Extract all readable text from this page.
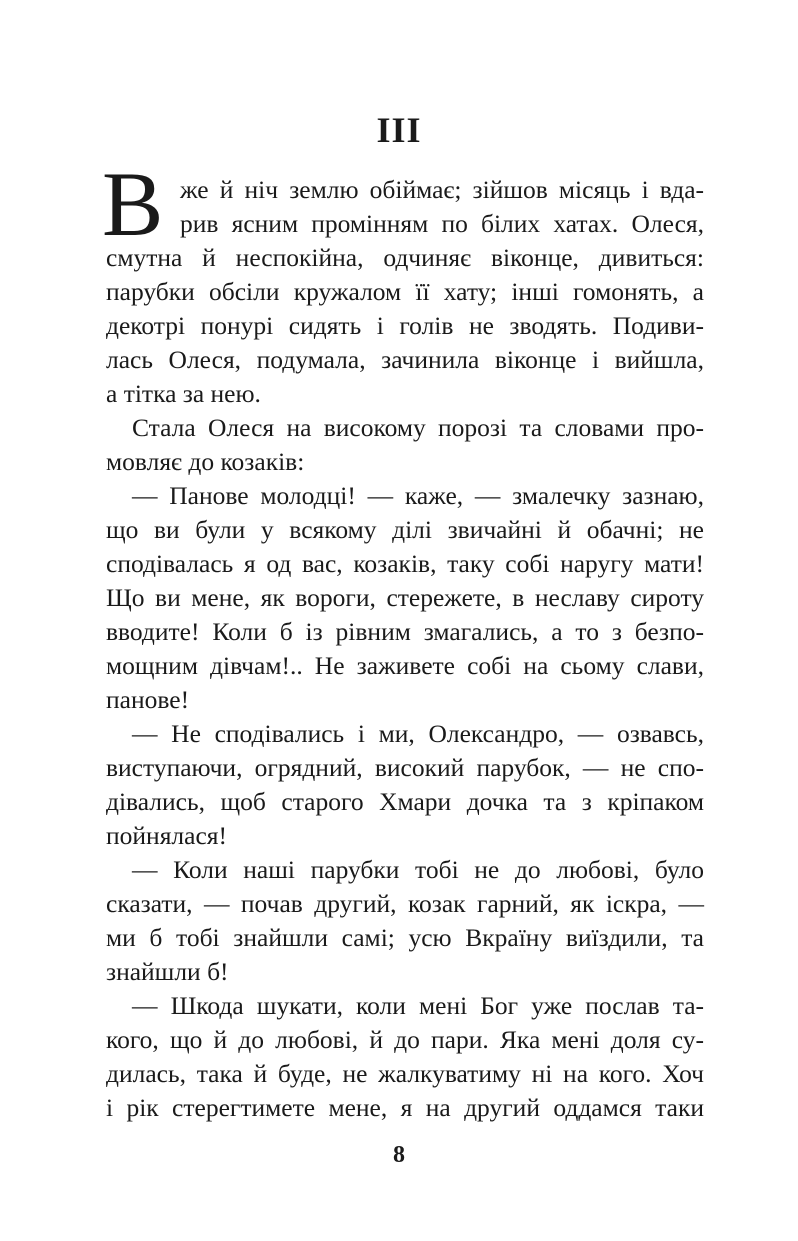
III
В же й ніч землю обіймає; зійшов місяць і вда-
рив ясним промінням по білих хатах. Олеся,
смутна й неспокійна, одчиняє віконце, дивиться:
парубки обсіли кружалом її хату; інші гомонять, а
декотрі понурі сидять і голів не зводять. Подиви-
лась Олеся, подумала, зачинила віконце і вийшла,
а тітка за нею.
Стала Олеся на високому порозі та словами про-
мовляє до козаків:
— Панове молодці! — каже, — змалечку зазнаю,
що ви були у всякому ділі звичайні й обачні; не
сподівалась я од вас, козаків, таку собі наругу мати!
Що ви мене, як вороги, стережете, в неславу сироту
вводите! Коли б із рівним змагались, а то з безпо-
мощним дівчам!.. Не заживете собі на сьому слави,
панове!
— Не сподівались і ми, Олександро, — озвавсь,
виступаючи, огрядний, високий парубок, — не спо-
дівались, щоб старого Хмари дочка та з кріпаком
пойнялася!
— Коли наші парубки тобі не до любові, було
сказати, — почав другий, козак гарний, як іскра, —
ми б тобі знайшли самі; усю Вкраїну виїздили, та
знайшли б!
— Шкода шукати, коли мені Бог уже послав та-
кого, що й до любові, й до пари. Яка мені доля су-
дилась, така й буде, не жалкуватиму ні на кого. Хоч
і рік стерегтимете мене, я на другий оддамся таки
8
